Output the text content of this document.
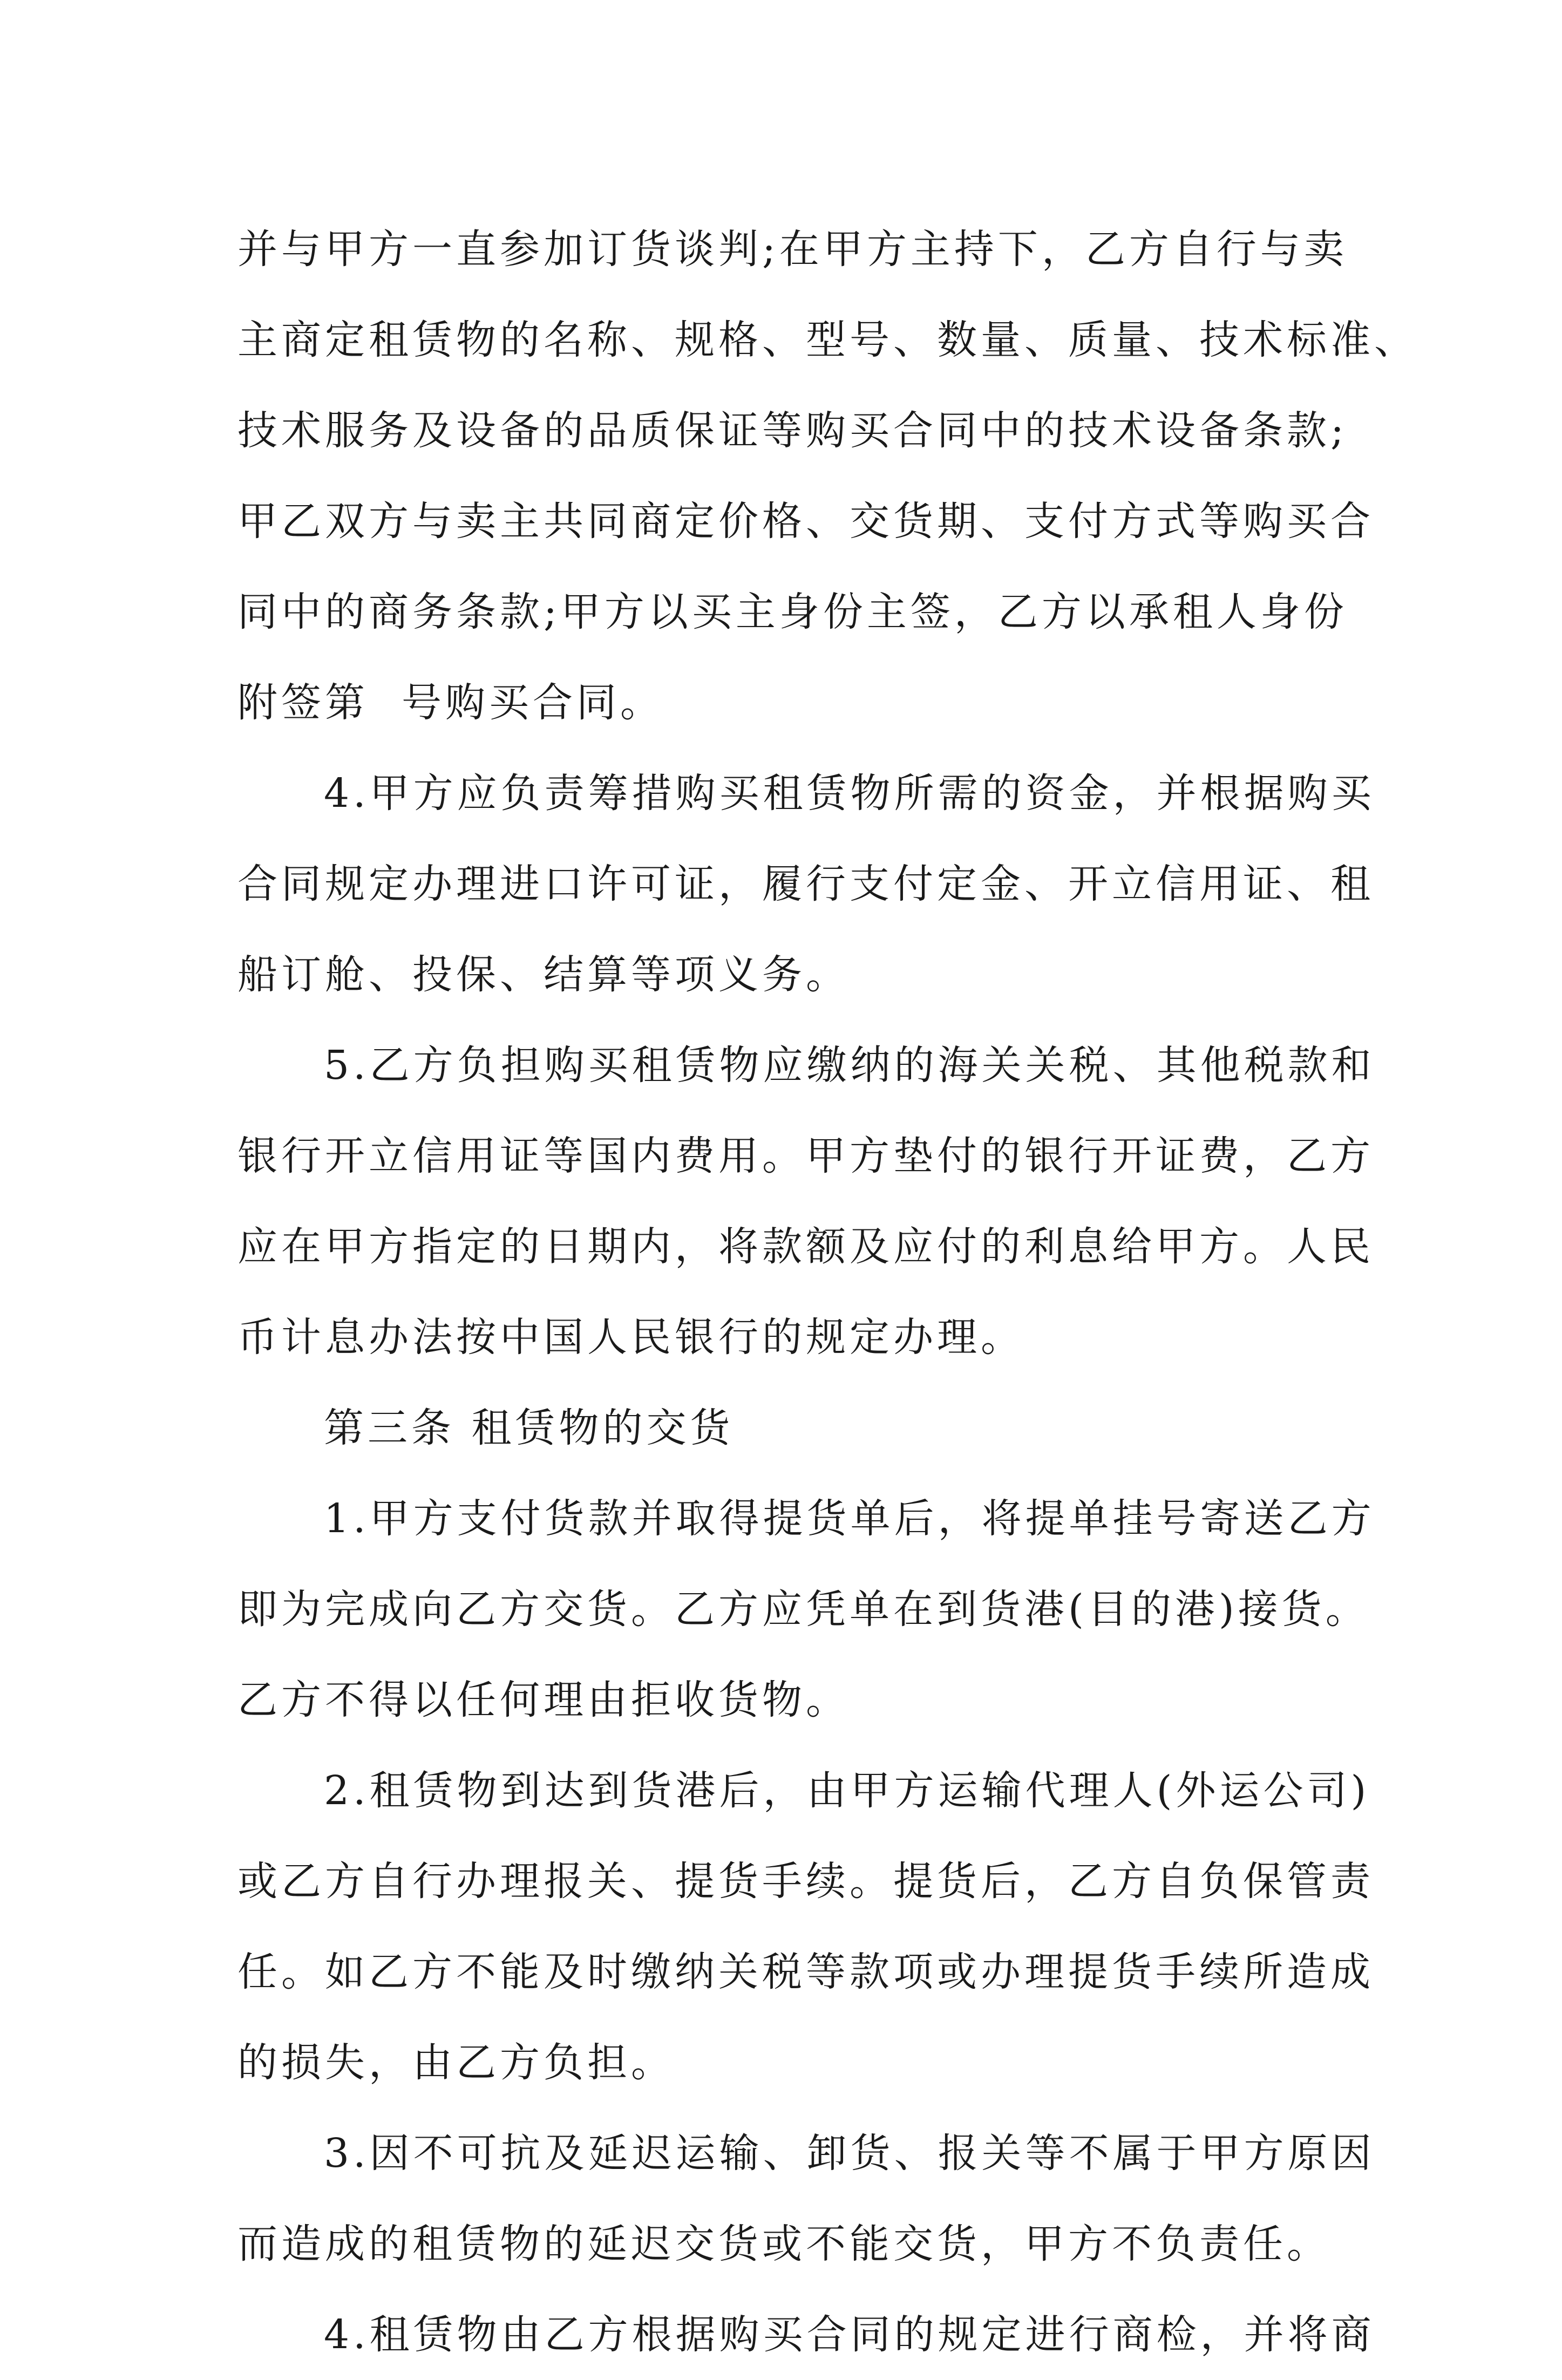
并与甲方一直参加订货谈判;在甲方主持下，乙方自行与卖
主商定租赁物的名称、规格、型号、数量、质量、技术标准、
技术服务及设备的品质保证等购买合同中的技术设备条款;
甲乙双方与卖主共同商定价格、交货期、支付方式等购买合
同中的商务条款;甲方以买主身份主签，乙方以承租人身份
附签第  号购买合同。
4.甲方应负责筹措购买租赁物所需的资金，并根据购买
合同规定办理进口许可证，履行支付定金、开立信用证、租
船订舱、投保、结算等项义务。
5.乙方负担购买租赁物应缴纳的海关关税、其他税款和
银行开立信用证等国内费用。甲方垫付的银行开证费，乙方
应在甲方指定的日期内，将款额及应付的利息给甲方。人民
币计息办法按中国人民银行的规定办理。
第三条 租赁物的交货
1.甲方支付货款并取得提货单后，将提单挂号寄送乙方
即为完成向乙方交货。乙方应凭单在到货港(目的港)接货。
乙方不得以任何理由拒收货物。
2.租赁物到达到货港后，由甲方运输代理人(外运公司)
或乙方自行办理报关、提货手续。提货后，乙方自负保管责
任。如乙方不能及时缴纳关税等款项或办理提货手续所造成
的损失，由乙方负担。
3.因不可抗及延迟运输、卸货、报关等不属于甲方原因
而造成的租赁物的延迟交货或不能交货，甲方不负责任。
4.租赁物由乙方根据购买合同的规定进行商检，并将商
